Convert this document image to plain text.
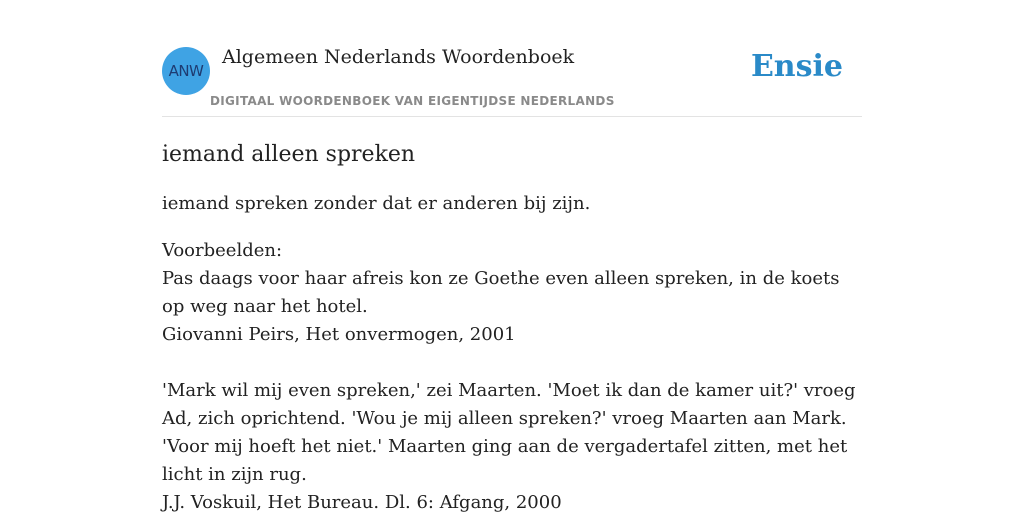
ANW
Algemeen Nederlands Woordenboek
DIGITAAL WOORDENBOEK VAN EIGENTIJDSE NEDERLANDS
Ensie
iemand alleen spreken
iemand spreken zonder dat er anderen bij zijn.
Voorbeelden:
Pas daags voor haar afreis kon ze Goethe even alleen spreken, in de koets op weg naar het hotel.
Giovanni Peirs, Het onvermogen, 2001
'Mark wil mij even spreken,' zei Maarten. 'Moet ik dan de kamer uit?' vroeg Ad, zich oprichtend. 'Wou je mij alleen spreken?' vroeg Maarten aan Mark. 'Voor mij hoeft het niet.' Maarten ging aan de vergadertafel zitten, met het licht in zijn rug.
J.J. Voskuil, Het Bureau. Dl. 6: Afgang, 2000
